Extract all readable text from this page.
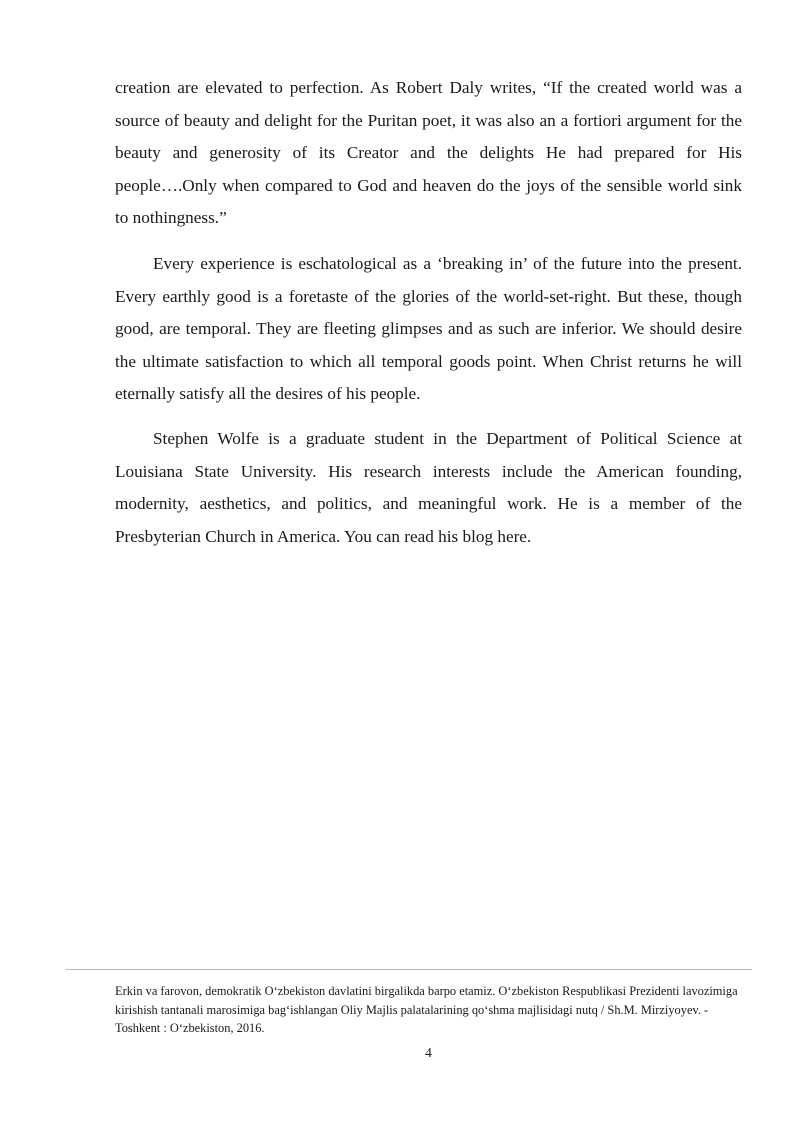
creation are elevated to perfection. As Robert Daly writes, “If the created world was a source of beauty and delight for the Puritan poet, it was also an a fortiori argument for the beauty and generosity of its Creator and the delights He had prepared for His people….Only when compared to God and heaven do the joys of the sensible world sink to nothingness.”

Every experience is eschatological as a ‘breaking in’ of the future into the present. Every earthly good is a foretaste of the glories of the world-set-right. But these, though good, are temporal. They are fleeting glimpses and as such are inferior. We should desire the ultimate satisfaction to which all temporal goods point. When Christ returns he will eternally satisfy all the desires of his people.

Stephen Wolfe is a graduate student in the Department of Political Science at Louisiana State University. His research interests include the American founding, modernity, aesthetics, and politics, and meaningful work. He is a member of the Presbyterian Church in America. You can read his blog here.

Erkin va farovon, demokratik O‘zbekiston davlatini birgalikda barpo etamiz. O‘zbekiston Respublikasi Prezidenti lavozimiga kirishish tantanali marosimiga bag‘ishlangan Oliy Majlis palatalarining qo‘shma majlisidagi nutq / Sh.M. Mirziyoyev. - Toshkent : O‘zbekiston, 2016.

4
